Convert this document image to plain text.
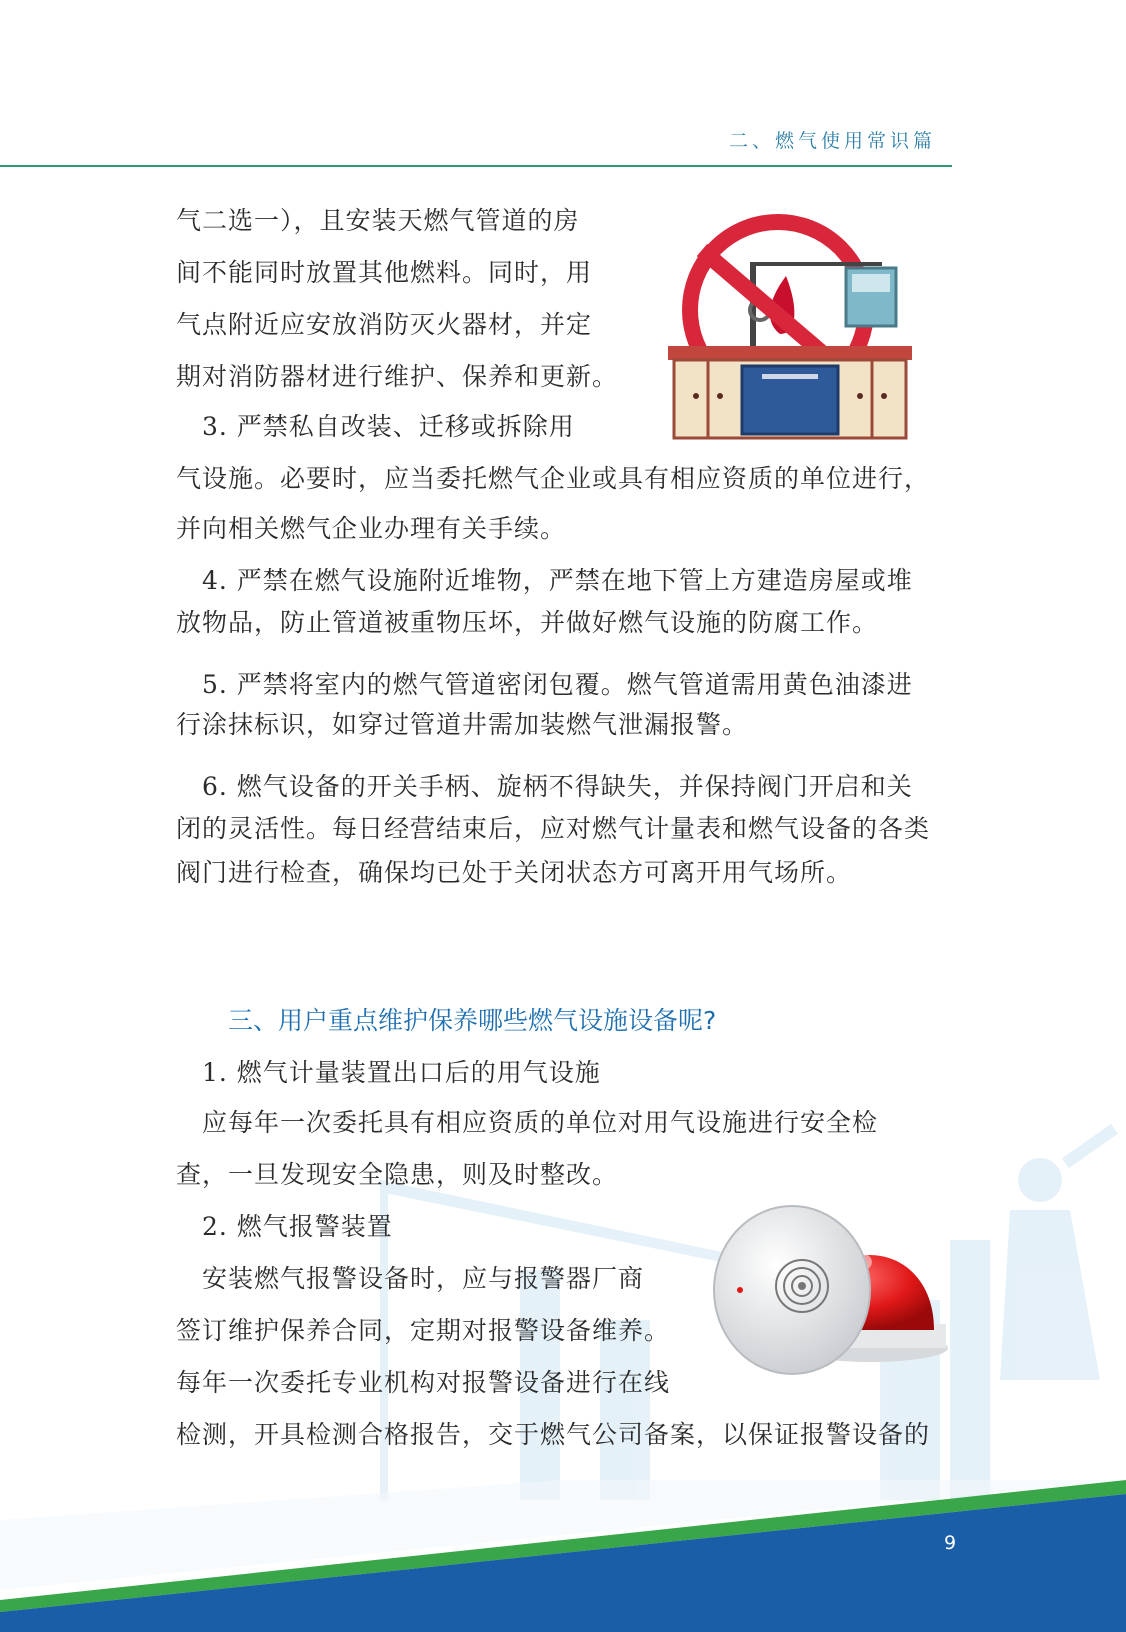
二、燃气使用常识篇

气二选一），且安装天燃气管道的房

间不能同时放置其他燃料。同时，用

气点附近应安放消防灭火器材，并定

期对消防器材进行维护、保养和更新。

　3. 严禁私自改装、迁移或拆除用

气设施。必要时，应当委托燃气企业或具有相应资质的单位进行，

并向相关燃气企业办理有关手续。

　4. 严禁在燃气设施附近堆物，严禁在地下管上方建造房屋或堆

放物品，防止管道被重物压坏，并做好燃气设施的防腐工作。

　5. 严禁将室内的燃气管道密闭包覆。燃气管道需用黄色油漆进

行涂抹标识，如穿过管道井需加装燃气泄漏报警。

　6. 燃气设备的开关手柄、旋柄不得缺失，并保持阀门开启和关

闭的灵活性。每日经营结束后，应对燃气计量表和燃气设备的各类

阀门进行检查，确保均已处于关闭状态方可离开用气场所。

三、用户重点维护保养哪些燃气设施设备呢?

　1. 燃气计量装置出口后的用气设施

　应每年一次委托具有相应资质的单位对用气设施进行安全检

查，一旦发现安全隐患，则及时整改。

　2. 燃气报警装置

　安装燃气报警设备时，应与报警器厂商

签订维护保养合同，定期对报警设备维养。

每年一次委托专业机构对报警设备进行在线

检测，开具检测合格报告，交于燃气公司备案，以保证报警设备的

9
